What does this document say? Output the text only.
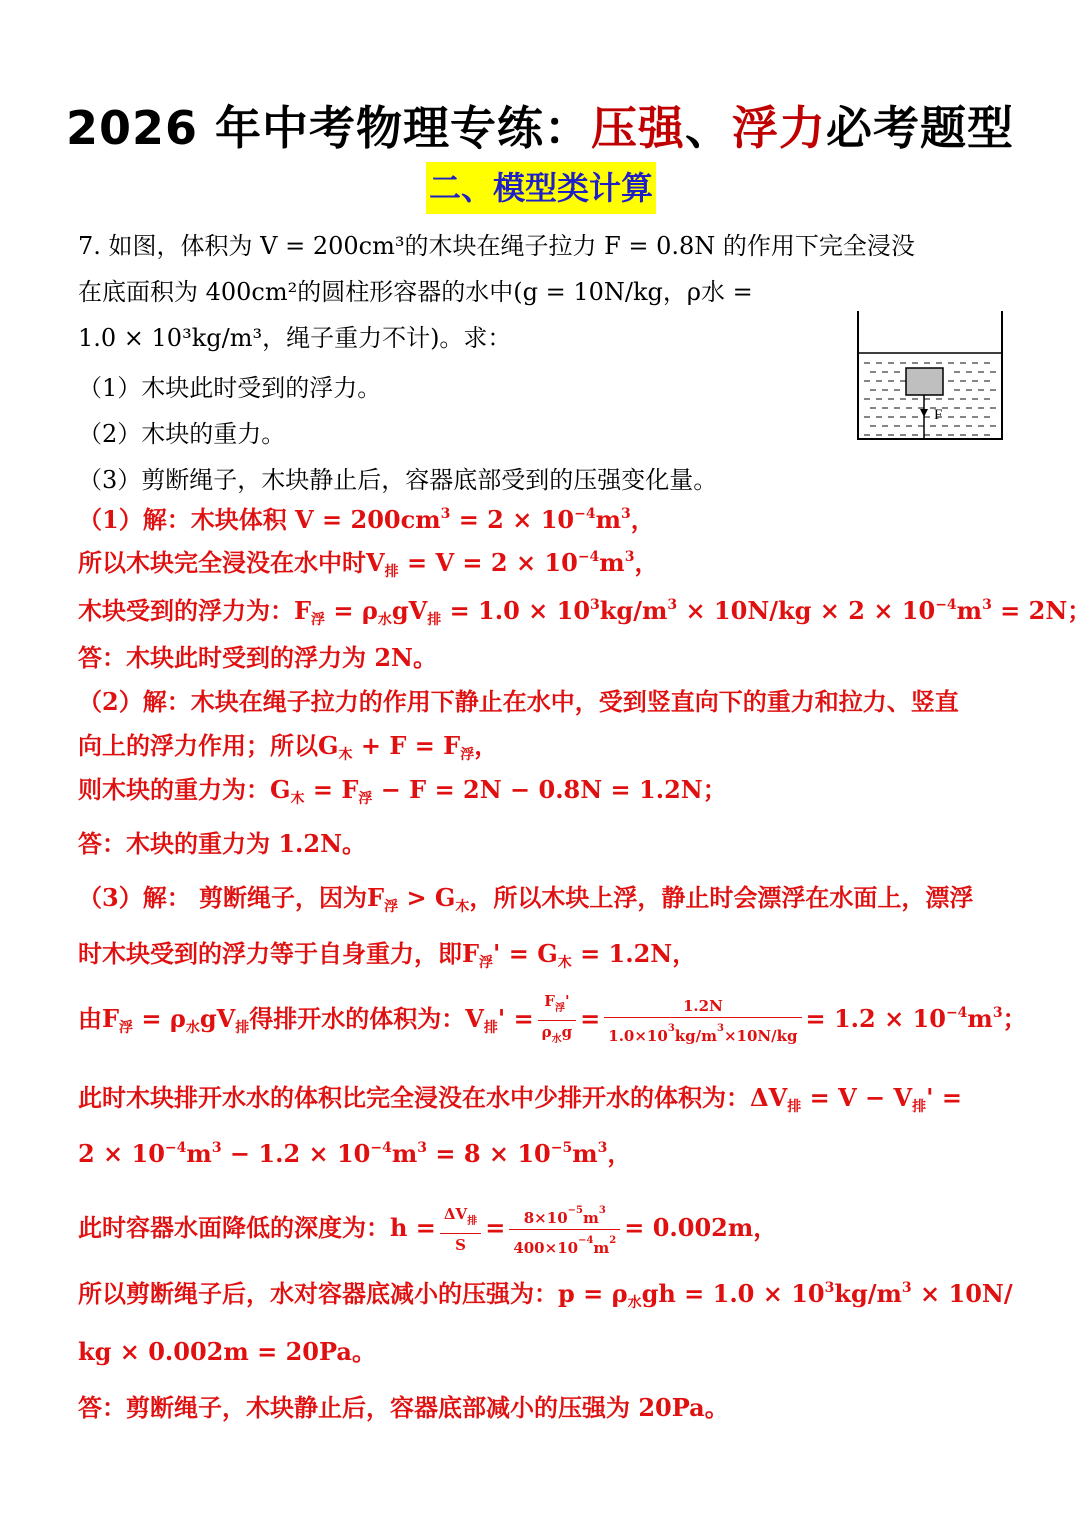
2026 年中考物理专练：压强、浮力必考题型
二、模型类计算
7. 如图，体积为 V = 200cm³的木块在绳子拉力 F = 0.8N 的作用下完全浸没
在底面积为 400cm²的圆柱形容器的水中(g = 10N/kg，ρ水 =
1.0 × 10³kg/m³，绳子重力不计)。求：
（1）木块此时受到的浮力。
（2）木块的重力。
（3）剪断绳子，木块静止后，容器底部受到的压强变化量。
F
（1）解：木块体积 $V = 200cm^3 = 2 \times 10^{-4}m^3$，
所以木块完全浸没在水中时$V_排 = V = 2 \times 10^{-4}m^3$，
木块受到的浮力为：$F_浮 = \rho_水gV_排 = 1.0 \times 10^3kg/m^3 \times 10N/kg \times 2 \times 10^{-4}m^3 = 2N$；
答：木块此时受到的浮力为 2N。
（2）解：木块在绳子拉力的作用下静止在水中，受到竖直向下的重力和拉力、竖直
向上的浮力作用；所以$G_木 + F = F_浮$，
则木块的重力为：$G_木 = F_浮 - F = 2N - 0.8N = 1.2N$；
答：木块的重力为 1.2N。
（3）解： 剪断绳子，因为$F_浮 > G_木$，所以木块上浮，静止时会漂浮在水面上，漂浮
时木块受到的浮力等于自身重力，即$F_浮' = G_木 = 1.2N$，
由$F_浮 = \rho_水gV_排$得排开水的体积为：$V_排' = \frac{F_浮'}{\rho_水g} = \frac{1.2N}{1.0\times 10^3kg/m^3\times 10N/kg} = 1.2 \times 10^{-4}m^3$；
此时木块排开水水的体积比完全浸没在水中少排开水的体积为：$\Delta V_排 = V - V_排'$ =
$2 \times 10^{-4}m^3 - 1.2 \times 10^{-4}m^3 = 8 \times 10^{-5}m^3$，
此时容器水面降低的深度为：$h = \frac{\Delta V_排}{S} = \frac{8\times 10^{-5}m^3}{400\times 10^{-4}m^2} = 0.002m$，
所以剪断绳子后，水对容器底减小的压强为：$p = \rho_水gh = 1.0 \times 10^3kg/m^3 \times 10N/$
kg × 0.002m = 20Pa。
答：剪断绳子，木块静止后，容器底部减小的压强为 20Pa。
